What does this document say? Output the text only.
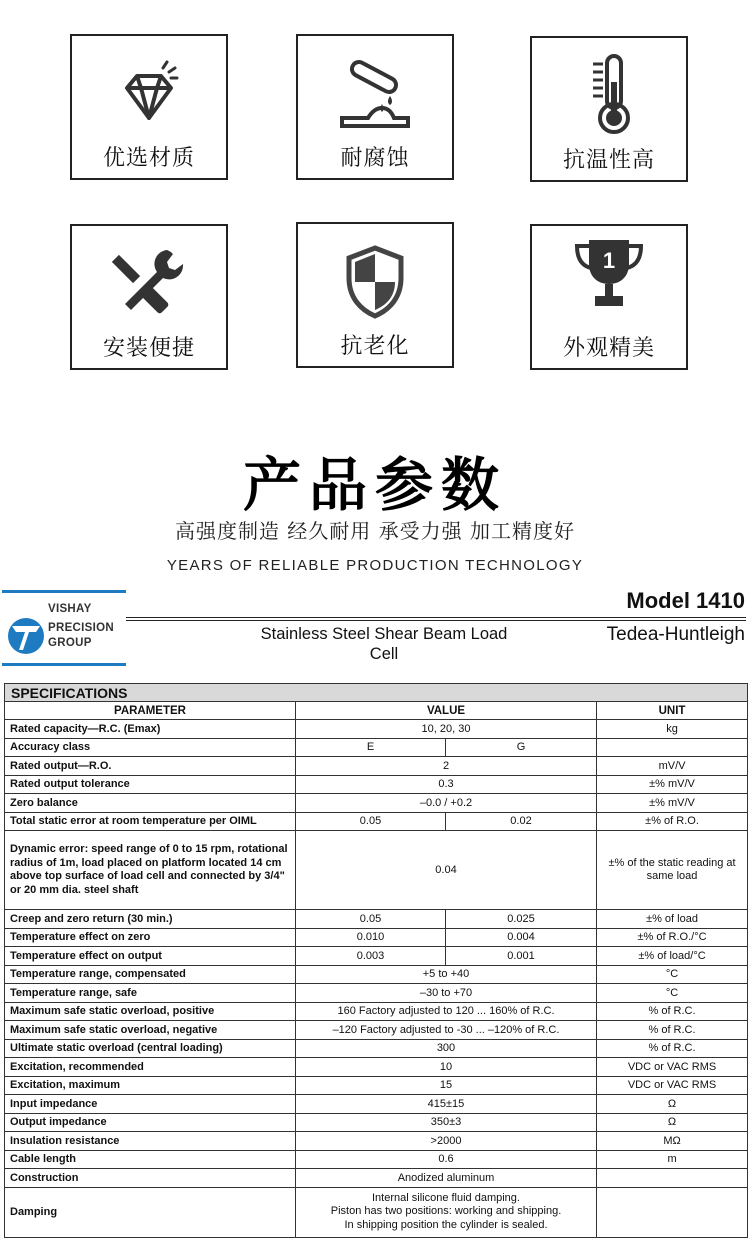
优选材质	耐腐蚀	抗温性高
安装便捷	抗老化
1
外观精美
产品参数
高强度制造 经久耐用 承受力强 加工精度好
YEARS OF RELIABLE PRODUCTION TECHNOLOGY
VISHAY
PRECISION
GROUP
Model 1410
Stainless Steel Shear Beam Load Cell
Tedea-Huntleigh
SPECIFICATIONS			
PARAMETER	VALUE		UNIT
Rated capacity—R.C. (Emax)	10, 20, 30		kg
Accuracy class	E	G	
Rated output—R.O.	2		mV/V
Rated output tolerance	0.3		±% mV/V
Zero balance	–0.0 / +0.2		±% mV/V
Total static error at room temperature per OIML	0.05	0.02	±% of R.O.
Dynamic error: speed range of 0 to 15 rpm, rotational radius of 1m, load placed on platform located 14 cm above top surface of load cell and connected by 3/4" or 20 mm dia. steel shaft	0.04		±% of the static reading at same load
Creep and zero return (30 min.)	0.05	0.025	±% of load
Temperature effect on zero	0.010	0.004	±% of R.O./°C
Temperature effect on output	0.003	0.001	±% of load/°C
Temperature range, compensated	+5 to +40		°C
Temperature range, safe	–30 to +70		°C
Maximum safe static overload, positive	160 Factory adjusted to 120 ... 160% of R.C.		% of R.C.
Maximum safe static overload, negative	–120 Factory adjusted to -30 ... –120% of R.C.		% of R.C.
Ultimate static overload (central loading)	300		% of R.C.
Excitation, recommended	10		VDC or VAC RMS
Excitation, maximum	15		VDC or VAC RMS
Input impedance	415±15		Ω
Output impedance	350±3		Ω
Insulation resistance	>2000		MΩ
Cable length	0.6		m
Construction	Anodized aluminum		
Damping	Internal silicone fluid damping.
Piston has two positions: working and shipping.
In shipping position the cylinder is sealed.		
